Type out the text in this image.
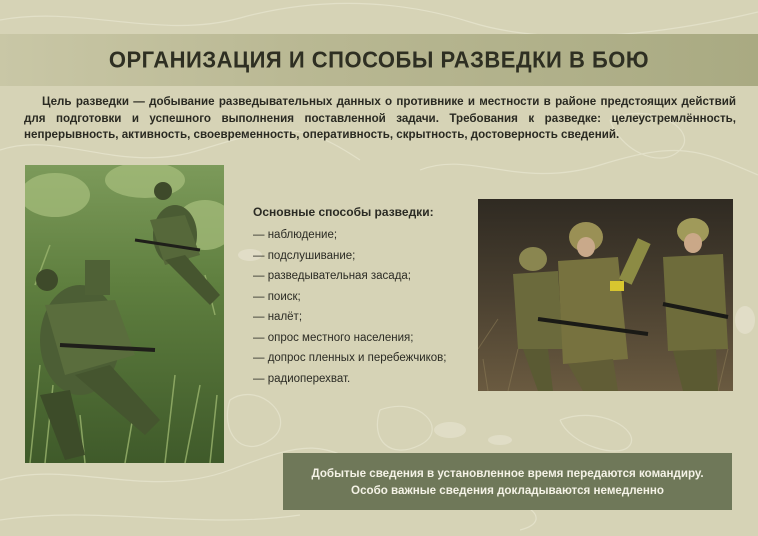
ОРГАНИЗАЦИЯ И СПОСОБЫ РАЗВЕДКИ В БОЮ
Цель разведки — добывание разведывательных данных о противнике и местности в районе предстоящих действий для подготовки и успешного выполнения поставленной задачи. Требования к разведке: целеустремлённость, непрерывность, активность, своевременность, оперативность, скрытность, достоверность сведений.
Основные способы разведки:
— наблюдение;
— подслушивание;
— разведывательная засада;
— поиск;
— налёт;
— опрос местного населения;
— допрос пленных и перебежчиков;
— радиоперехват.
Добытые сведения в установленное время передаются командиру. Особо важные сведения докладываются немедленно
